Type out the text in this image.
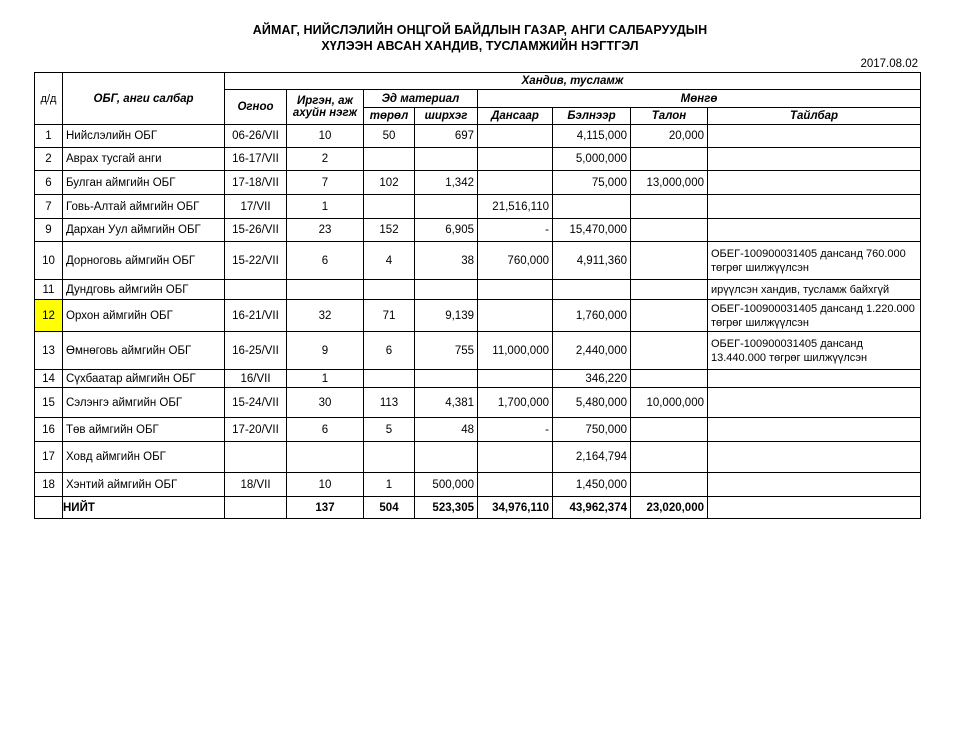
АЙМАГ, НИЙСЛЭЛИЙН ОНЦГОЙ БАЙДЛЫН ГАЗАР, АНГИ САЛБАРУУДЫН
ХҮЛЭЭН АВСАН ХАНДИВ, ТУСЛАМЖИЙН НЭГТГЭЛ
2017.08.02
д/д	ОБГ, анги салбар	Хандив, тусламж							
		Огноо	Иргэн, аж ахуйн нэгж	Эд материал		Мөнгө			
				төрөл	ширхэг	Дансаар	Бэлнээр	Талон	Тайлбар
1	Нийслэлийн ОБГ	06-26/VII	10	50	697		4,115,000	20,000	
2	Аврах тусгай анги	16-17/VII	2				5,000,000		
6	Булган аймгийн ОБГ	17-18/VII	7	102	1,342		75,000	13,000,000	
7	Говь-Алтай аймгийн ОБГ	17/VII	1			21,516,110			
9	Дархан Уул аймгийн ОБГ	15-26/VII	23	152	6,905	-	15,470,000		
10	Дорноговь аймгийн ОБГ	15-22/VII	6	4	38	760,000	4,911,360		ОБЕГ-100900031405 дансанд 760.000 төгрөг шилжүүлсэн
11	Дундговь аймгийн ОБГ								ирүүлсэн хандив, тусламж байхгүй
12	Орхон аймгийн ОБГ	16-21/VII	32	71	9,139		1,760,000		ОБЕГ-100900031405 дансанд 1.220.000 төгрөг шилжүүлсэн
13	Өмнөговь аймгийн ОБГ	16-25/VII	9	6	755	11,000,000	2,440,000		ОБЕГ-100900031405 дансанд 13.440.000 төгрөг шилжүүлсэн
14	Сүхбаатар аймгийн ОБГ	16/VII	1				346,220		
15	Сэлэнгэ аймгийн ОБГ	15-24/VII	30	113	4,381	1,700,000	5,480,000	10,000,000	
16	Төв аймгийн ОБГ	17-20/VII	6	5	48	-	750,000		
17	Ховд аймгийн ОБГ						2,164,794		
18	Хэнтий аймгийн ОБГ	18/VII	10	1	500,000		1,450,000		
	НИЙТ		137	504	523,305	34,976,110	43,962,374	23,020,000	
